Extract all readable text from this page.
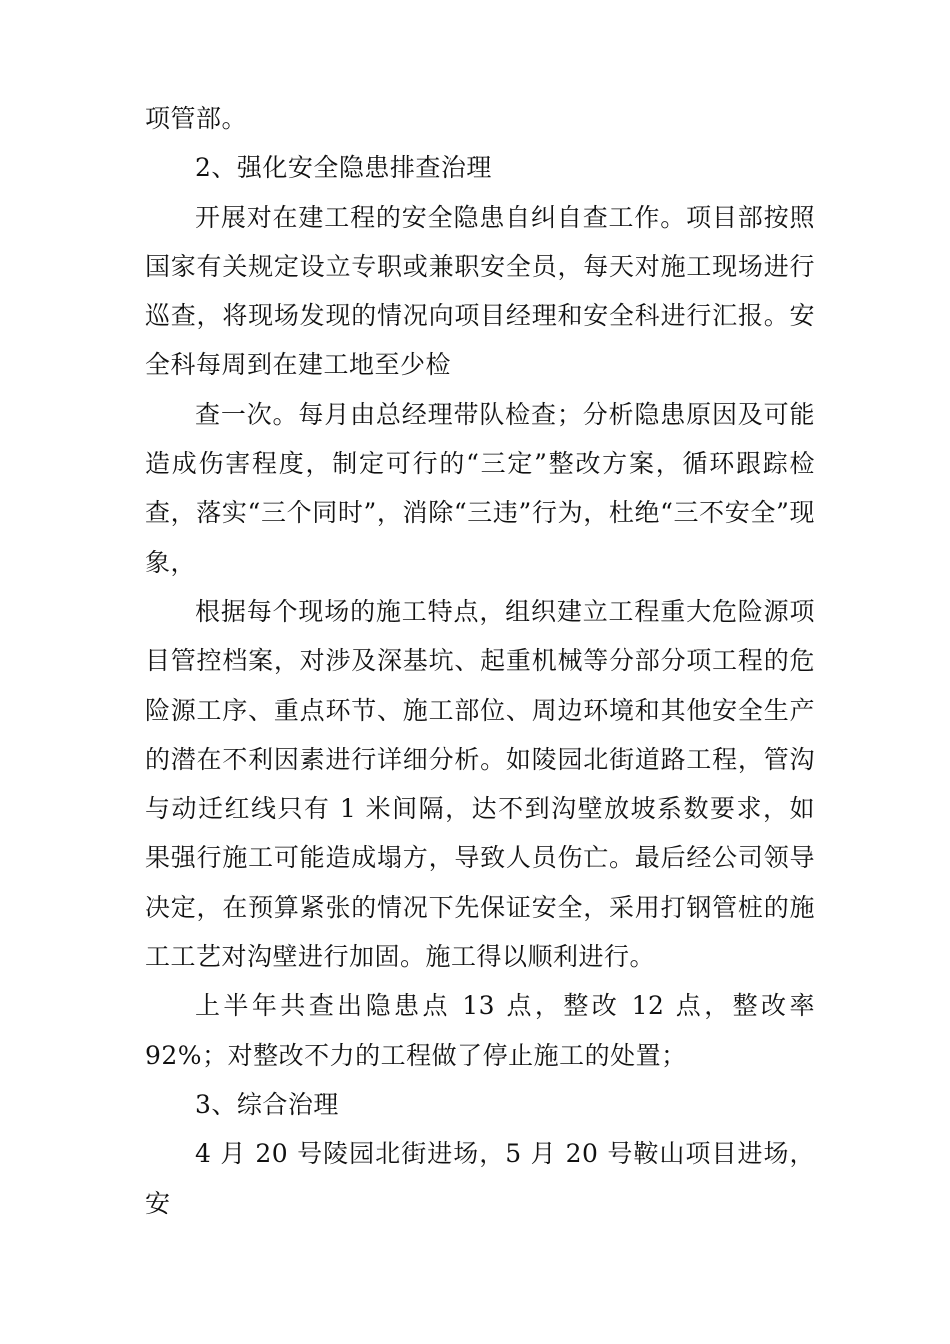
项管部。

2、强化安全隐患排查治理

开展对在建工程的安全隐患自纠自查工作。项目部按照国家有关规定设立专职或兼职安全员，每天对施工现场进行巡查，将现场发现的情况向项目经理和安全科进行汇报。安全科每周到在建工地至少检

查一次。每月由总经理带队检查；分析隐患原因及可能造成伤害程度，制定可行的“三定”整改方案，循环跟踪检查，落实“三个同时”，消除“三违”行为，杜绝“三不安全”现象，

根据每个现场的施工特点，组织建立工程重大危险源项目管控档案，对涉及深基坑、起重机械等分部分项工程的危险源工序、重点环节、施工部位、周边环境和其他安全生产的潜在不利因素进行详细分析。如陵园北街道路工程，管沟与动迁红线只有 1 米间隔，达不到沟壁放坡系数要求，如果强行施工可能造成塌方，导致人员伤亡。最后经公司领导决定，在预算紧张的情况下先保证安全，采用打钢管桩的施工工艺对沟壁进行加固。施工得以顺利进行。

上半年共查出隐患点 13 点，整改 12 点，整改率 92%；对整改不力的工程做了停止施工的处置；

3、综合治理

4 月 20 号陵园北街进场，5 月 20 号鞍山项目进场，安
